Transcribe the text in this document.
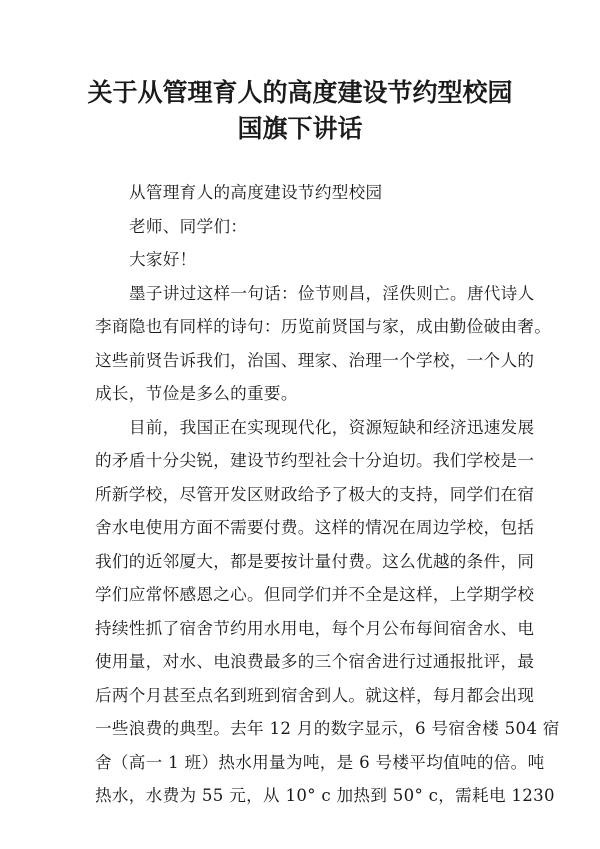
关于从管理育人的高度建设节约型校园
国旗下讲话
从管理育人的高度建设节约型校园
老师、同学们：
大家好！
墨子讲过这样一句话：俭节则昌，淫佚则亡。唐代诗人
李商隐也有同样的诗句：历览前贤国与家，成由勤俭破由奢。
这些前贤告诉我们，治国、理家、治理一个学校，一个人的
成长，节俭是多么的重要。
目前，我国正在实现现代化，资源短缺和经济迅速发展
的矛盾十分尖锐，建设节约型社会十分迫切。我们学校是一
所新学校，尽管开发区财政给予了极大的支持，同学们在宿
舍水电使用方面不需要付费。这样的情况在周边学校，包括
我们的近邻厦大，都是要按计量付费。这么优越的条件，同
学们应常怀感恩之心。但同学们并不全是这样，上学期学校
持续性抓了宿舍节约用水用电，每个月公布每间宿舍水、电
使用量，对水、电浪费最多的三个宿舍进行过通报批评，最
后两个月甚至点名到班到宿舍到人。就这样，每月都会出现
一些浪费的典型。去年 12 月的数字显示，6 号宿舍楼 504 宿
舍（高一 1 班）热水用量为吨，是 6 号楼平均值吨的倍。吨
热水，水费为 55 元，从 10° c 加热到 50° c，需耗电 1230
